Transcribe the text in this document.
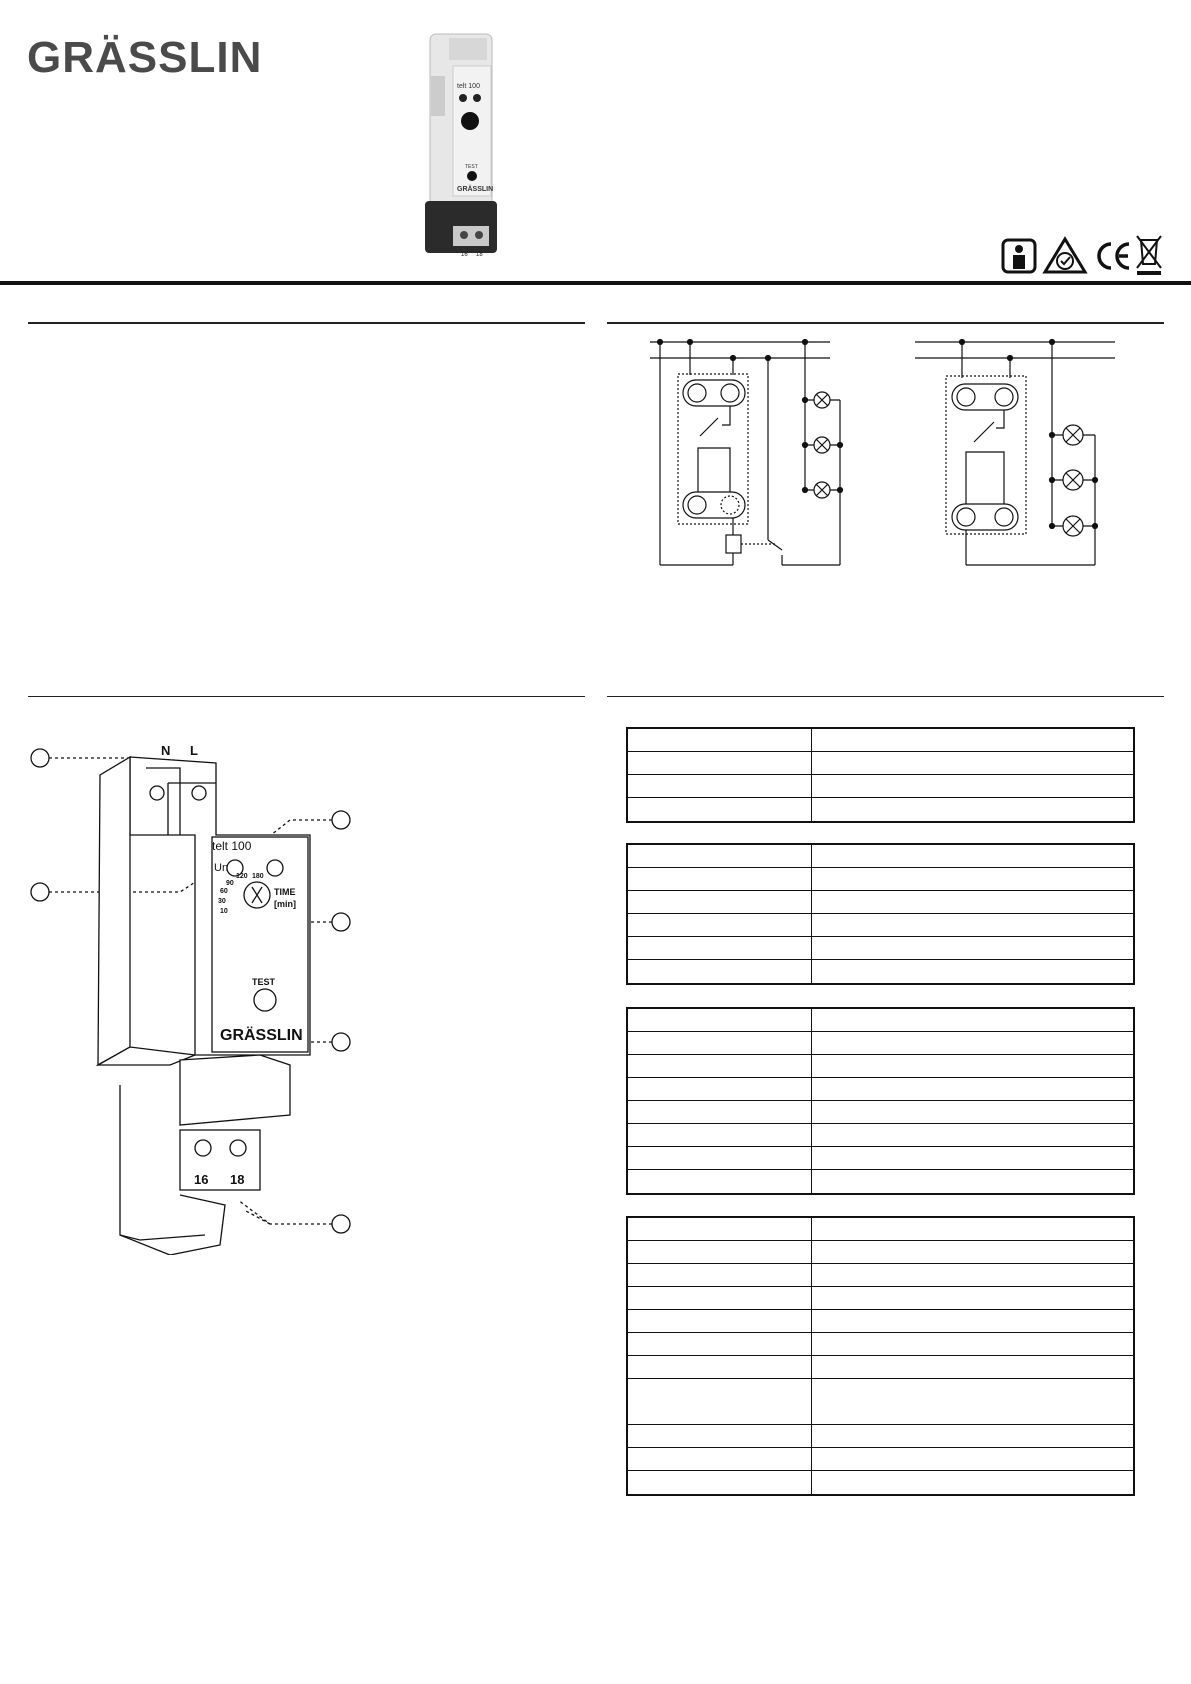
GRÄSSLIN
telt 100
TEST
GRÄSSLIN
16 18
N L
telt 100
Un
10
30
60
90
120 180
TIME
[min]
TEST
GRÄSSLIN
16 18
